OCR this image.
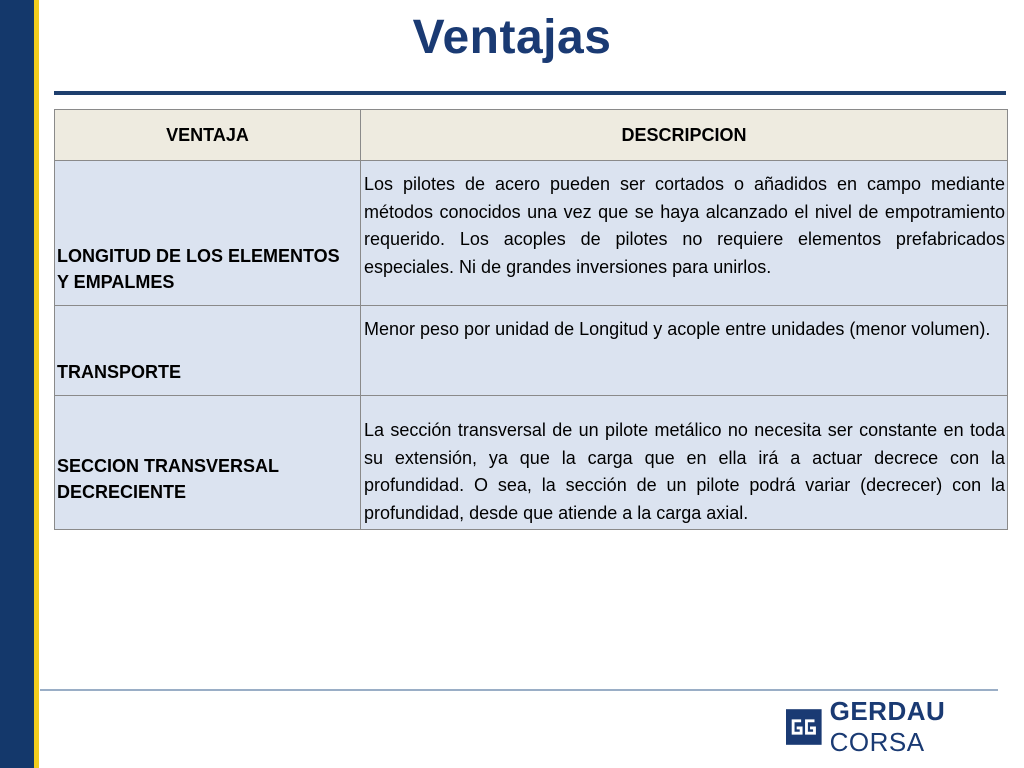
Ventajas
VENTAJA	DESCRIPCION
LONGITUD DE LOS ELEMENTOS Y EMPALMES	Los pilotes de acero pueden ser cortados o añadidos en campo mediante métodos conocidos una vez que se haya alcanzado el nivel de empotramiento requerido. Los acoples de pilotes no requiere elementos prefabricados especiales. Ni de grandes inversiones para unirlos.
TRANSPORTE	Menor peso por unidad de Longitud y acople entre unidades (menor volumen).
SECCION TRANSVERSAL DECRECIENTE	La sección transversal de un pilote metálico no necesita ser constante en toda su extensión, ya que la carga que en ella irá a actuar decrece con la profundidad. O sea, la sección de un pilote podrá variar (decrecer) con la profundidad, desde que atiende a la carga axial.
GERDAU CORSA
